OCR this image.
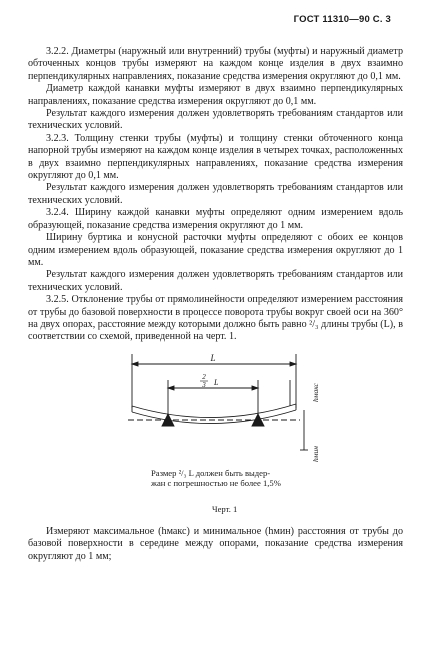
ГОСТ 11310—90 С. 3

3.2.2. Диаметры (наружный или внутренний) трубы (муфты) и наружный диаметр обточенных концов трубы измеряют на каждом конце изделия в двух взаимно перпендикулярных направлениях, показание средства измерения округляют до 0,1 мм.

Диаметр каждой канавки муфты измеряют в двух взаимно перпендикулярных направлениях, показание средства измерения округляют до 0,1 мм.

Результат каждого измерения должен удовлетворять требованиям стандартов или технических условий.

3.2.3. Толщину стенки трубы (муфты) и толщину стенки обточенного конца напорной трубы измеряют на каждом конце изделия в четырех точках, расположенных в двух взаимно перпендикулярных направлениях, показание средства измерения округляют до 0,1 мм.

Результат каждого измерения должен удовлетворять требованиям стандартов или технических условий.

3.2.4. Ширину каждой канавки муфты определяют одним измерением вдоль образующей, показание средства измерения округляют до 1 мм.

Ширину буртика и конусной расточки муфты определяют с обоих ее концов одним измерением вдоль образующей, показание средства измерения округляют до 1 мм.

Результат каждого измерения должен удовлетворять требованиям стандартов или технических условий.

3.2.5. Отклонение трубы от прямолинейности определяют измерением расстояния от трубы до базовой поверхности в процессе поворота трубы вокруг своей оси на 360° на двух опорах, расстояние между которыми должно быть равно ²/₃ длины трубы (L), в соответствии со схемой, приведенной на черт. 1.

L
2
3 L
hмакс
hмин
Размер ²/₃ L должен быть выдер-
жан с погрешностью не более 1,5%
Черт. 1

Измеряют максимальное (hмакс) и минимальное (hмин) расстояния от трубы до базовой поверхности в середине между опорами, показание средства измерения округляют до 1 мм;
